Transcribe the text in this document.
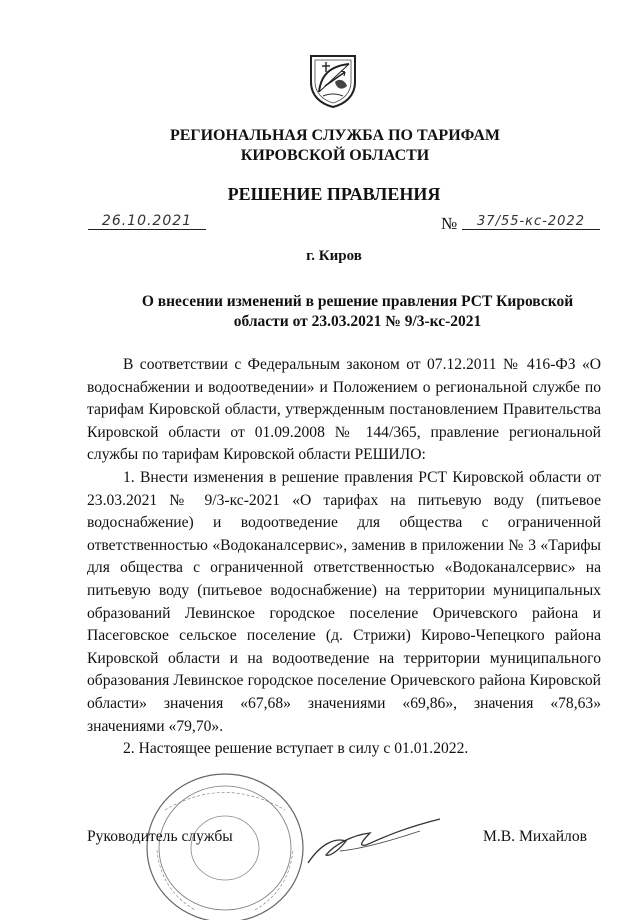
РЕГИОНАЛЬНАЯ СЛУЖБА ПО ТАРИФАМ
КИРОВСКОЙ ОБЛАСТИ
РЕШЕНИЕ ПРАВЛЕНИЯ
26.10.2021	№	37/55-кс-2022
г. Киров
О внесении изменений в решение правления РСТ Кировской
области от 23.03.2021 № 9/3-кс-2021

В соответствии с Федеральным законом от 07.12.2011 № 416-ФЗ «О водоснабжении и водоотведении» и Положением о региональной службе по тарифам Кировской области, утвержденным постановлением Правительства Кировской области от 01.09.2008 № 144/365, правление региональной службы по тарифам Кировской области РЕШИЛО:

1. Внести изменения в решение правления РСТ Кировской области от 23.03.2021 № 9/3-кс-2021 «О тарифах на питьевую воду (питьевое водоснабжение) и водоотведение для общества с ограниченной ответственностью «Водоканалсервис», заменив в приложении № 3 «Тарифы для общества с ограниченной ответственностью «Водоканалсервис» на питьевую воду (питьевое водоснабжение) на территории муниципальных образований Левинское городское поселение Оричевского района и Пасеговское сельское поселение (д. Стрижи) Кирово-Чепецкого района Кировской области и на водоотведение на территории муниципального образования Левинское городское поселение Оричевского района Кировской области» значения «67,68» значениями «69,86», значения «78,63» значениями «79,70».

2. Настоящее решение вступает в силу с 01.01.2022.

Руководитель службы	М.В. Михайлов
